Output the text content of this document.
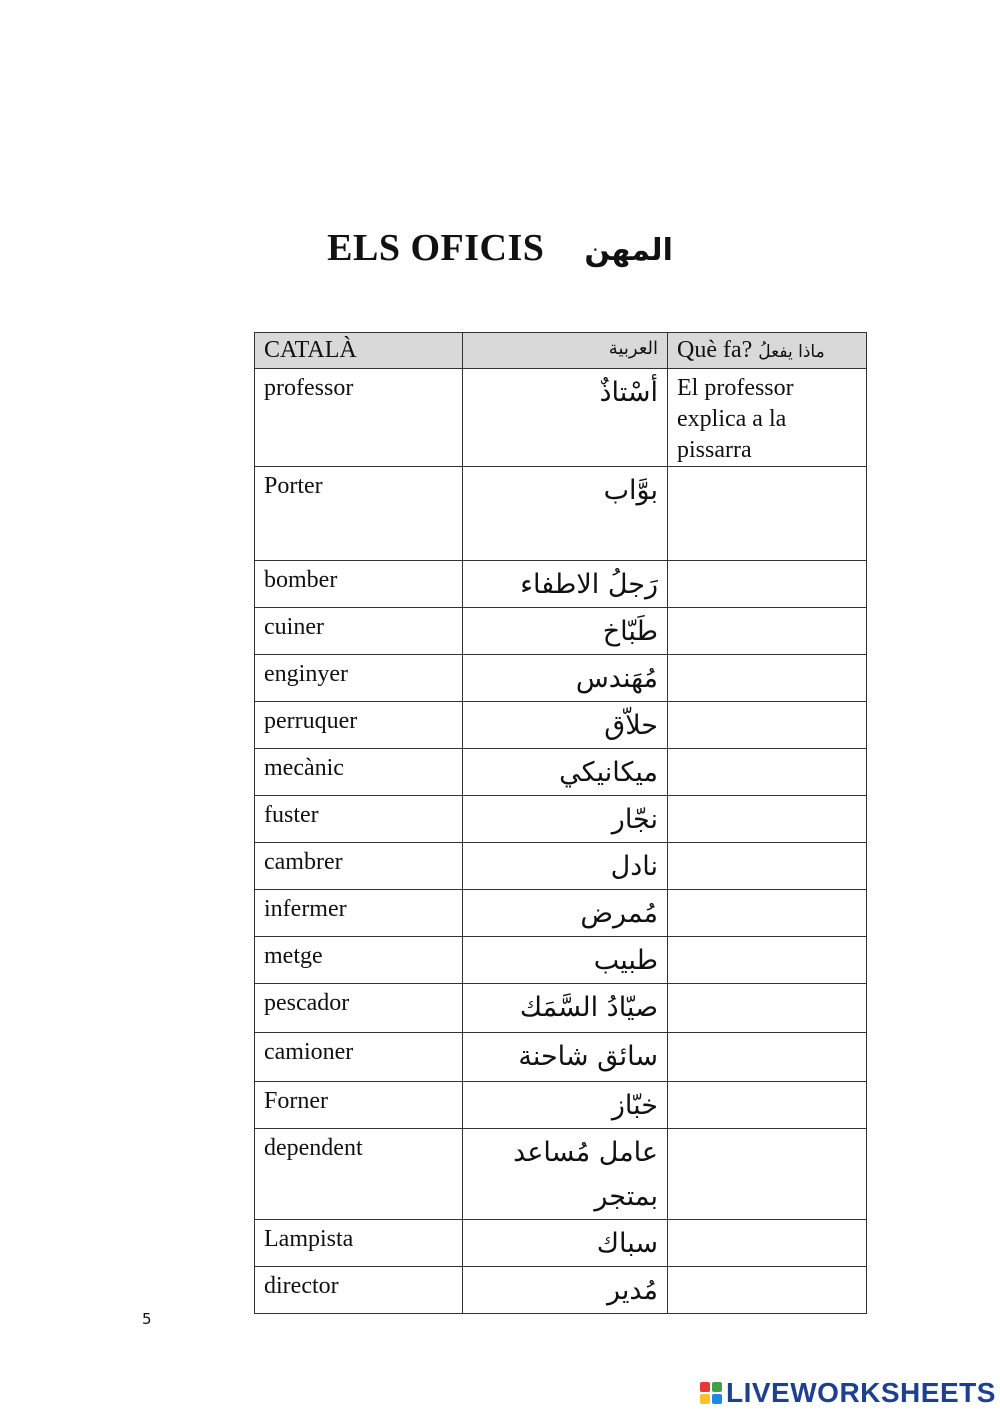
ELS OFICIS المهن
CATALÀ	العربية	Què fa? ماذا يفعلُ
professor	أسْتاذٌ	El professor explica a la pissarra
Porter	بوَّاب	
bomber	رَجلُ الاطفاء	
cuiner	طَبّاخ	
enginyer	مُهَندس	
perruquer	حلاّق	
mecànic	ميكانيكي	
fuster	نجّار	
cambrer	نادل	
infermer	مُمرض	
metge	طبيب	
pescador	صيّادُ السَّمَك	
camioner	سائق شاحنة	
Forner	خبّاز	
dependent	عامل مُساعد بمتجر	
Lampista	سباك	
director	مُدير	
5
LIVEWORKSHEETS
